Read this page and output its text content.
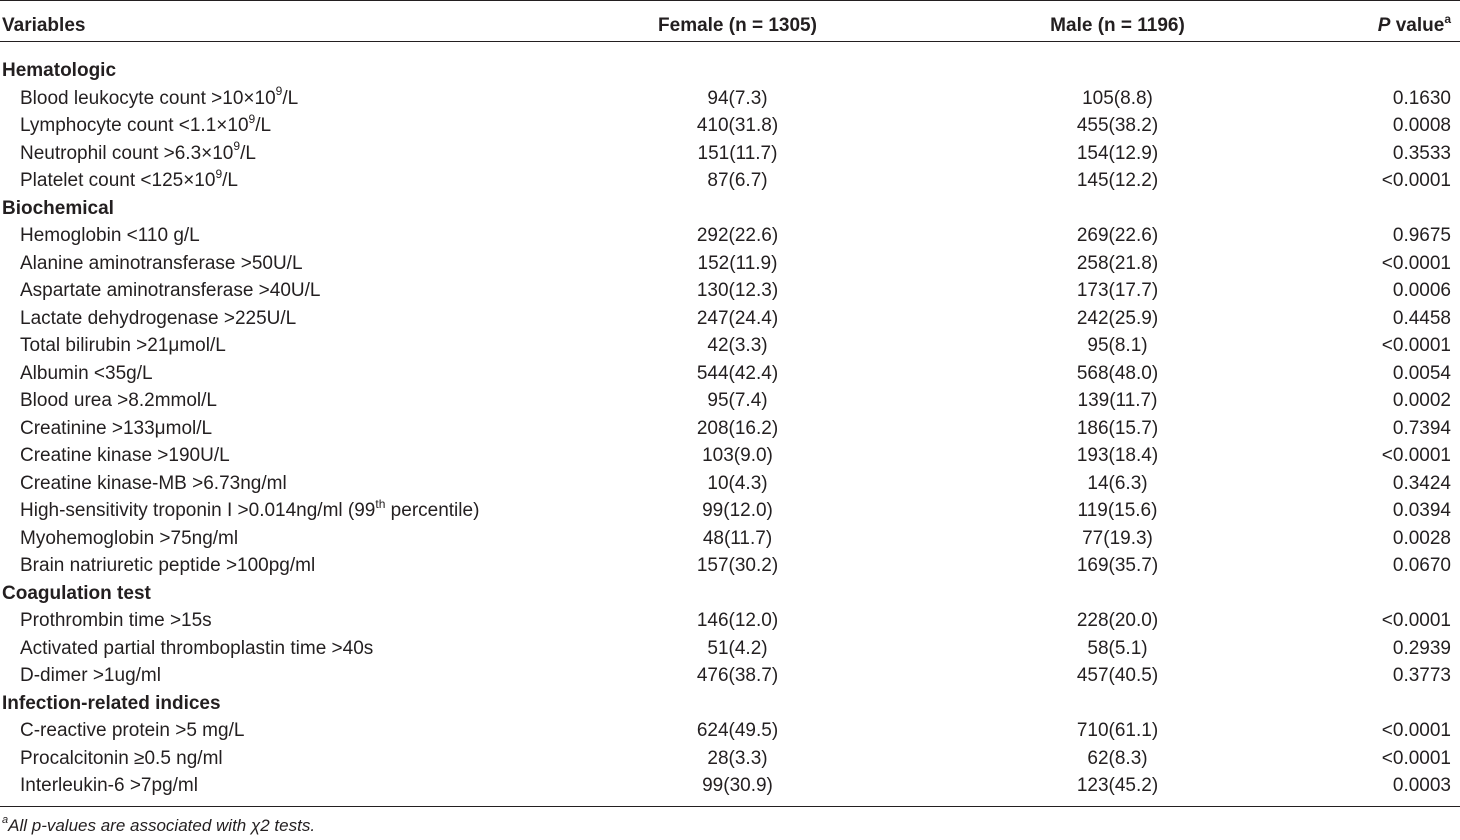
Variables	Female (n = 1305)	Male (n = 1196)	P value$^a$
Hematologic
Blood leukocyte count $>10\times 10^9/L$	94(7.3)	105(8.8)	0.1630
Lymphocyte count $<1.1\times 10^9/L$	410(31.8)	455(38.2)	0.0008
Neutrophil count $>6.3\times 10^9/L$	151(11.7)	154(12.9)	0.3533
Platelet count $<125\times 10^9/L$	87(6.7)	145(12.2)	<0.0001
Biochemical
Hemoglobin <110 g/L	292(22.6)	269(22.6)	0.9675
Alanine aminotransferase >50U/L	152(11.9)	258(21.8)	<0.0001
Aspartate aminotransferase >40U/L	130(12.3)	173(17.7)	0.0006
Lactate dehydrogenase >225U/L	247(24.4)	242(25.9)	0.4458
Total bilirubin >21μmol/L	42(3.3)	95(8.1)	<0.0001
Albumin <35g/L	544(42.4)	568(48.0)	0.0054
Blood urea >8.2mmol/L	95(7.4)	139(11.7)	0.0002
Creatinine >133μmol/L	208(16.2)	186(15.7)	0.7394
Creatine kinase >190U/L	103(9.0)	193(18.4)	<0.0001
Creatine kinase-MB >6.73ng/ml	10(4.3)	14(6.3)	0.3424
High-sensitivity troponin I >0.014ng/ml (99th percentile)	99(12.0)	119(15.6)	0.0394
Myohemoglobin >75ng/ml	48(11.7)	77(19.3)	0.0028
Brain natriuretic peptide >100pg/ml	157(30.2)	169(35.7)	0.0670
Coagulation test
Prothrombin time >15s	146(12.0)	228(20.0)	<0.0001
Activated partial thromboplastin time >40s	51(4.2)	58(5.1)	0.2939
D-dimer >1ug/ml	476(38.7)	457(40.5)	0.3773
Infection-related indices
C-reactive protein >5 mg/L	624(49.5)	710(61.1)	<0.0001
Procalcitonin ≥0.5 ng/ml	28(3.3)	62(8.3)	<0.0001
Interleukin-6 >7pg/ml	99(30.9)	123(45.2)	0.0003
$^a$All p-values are associated with χ2 tests.
